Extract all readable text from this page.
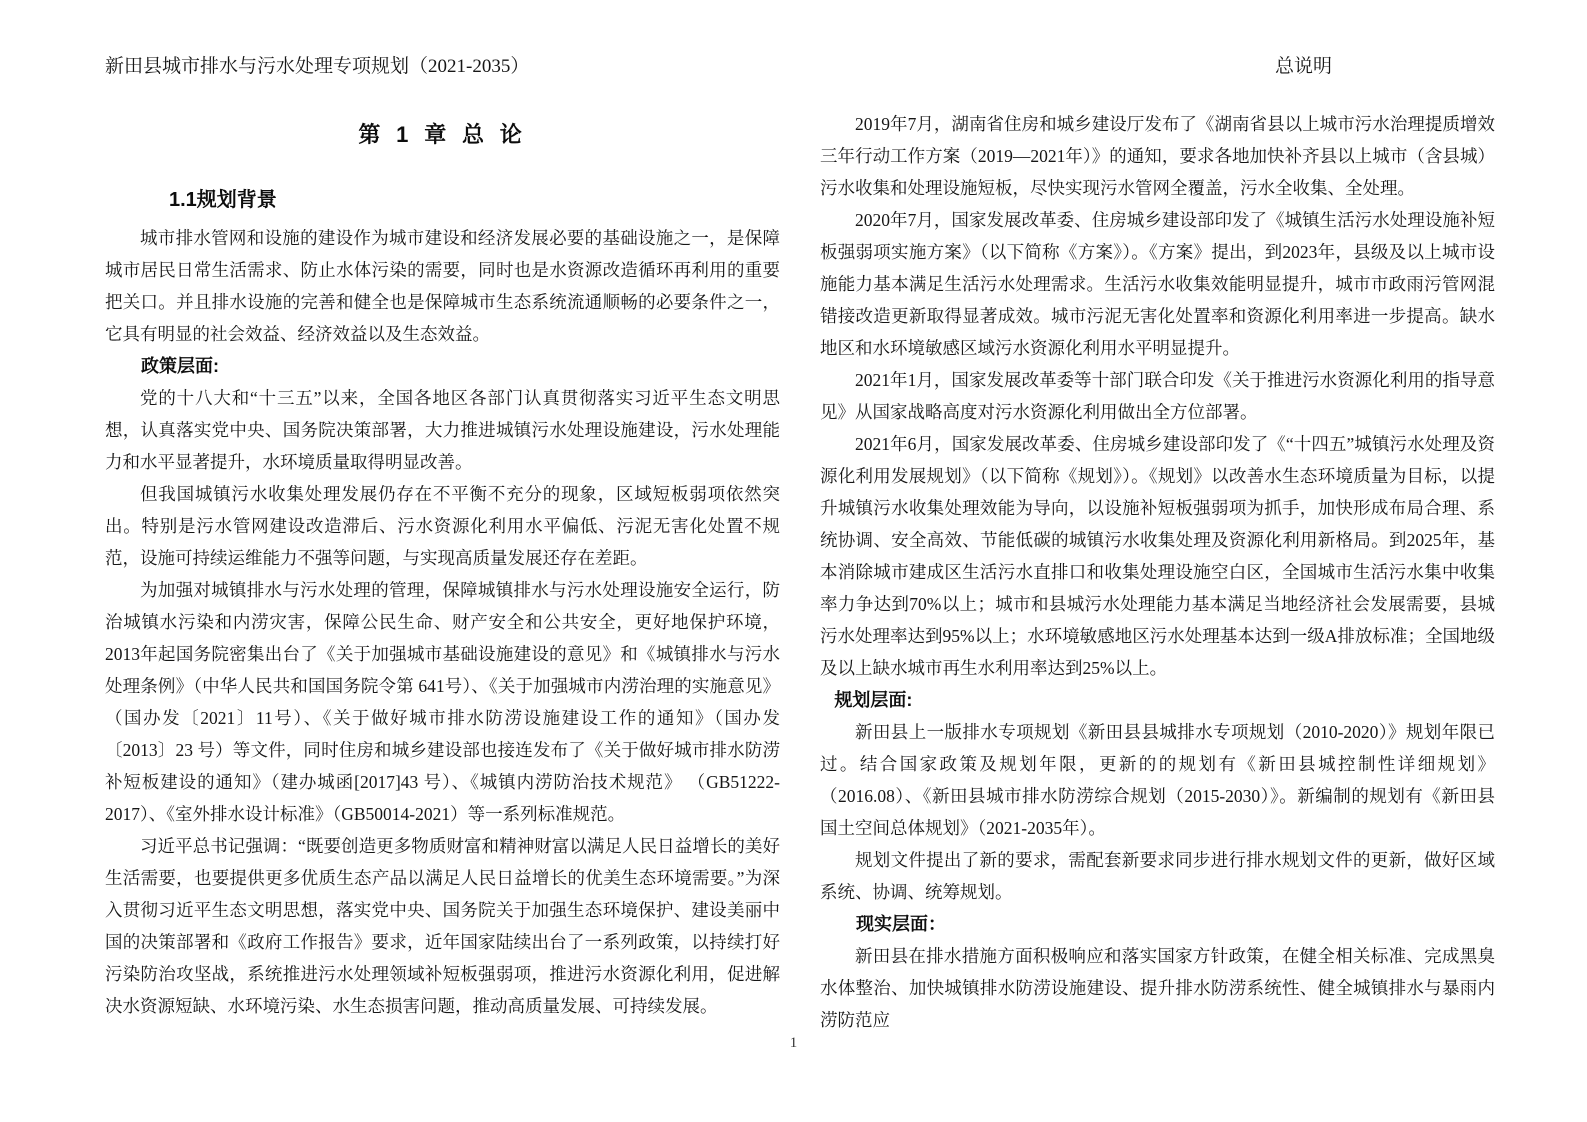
新田县城市排水与污水处理专项规划（2021-2035）	总说明
第 1 章 总 论
1.1规划背景

城市排水管网和设施的建设作为城市建设和经济发展必要的基础设施之一，是保障城市居民日常生活需求、防止水体污染的需要，同时也是水资源改造循环再利用的重要把关口。并且排水设施的完善和健全也是保障城市生态系统流通顺畅的必要条件之一，它具有明显的社会效益、经济效益以及生态效益。

政策层面:

党的十八大和“十三五”以来，全国各地区各部门认真贯彻落实习近平生态文明思想，认真落实党中央、国务院决策部署，大力推进城镇污水处理设施建设，污水处理能力和水平显著提升，水环境质量取得明显改善。

但我国城镇污水收集处理发展仍存在不平衡不充分的现象，区域短板弱项依然突出。特别是污水管网建设改造滞后、污水资源化利用水平偏低、污泥无害化处置不规范，设施可持续运维能力不强等问题，与实现高质量发展还存在差距。

为加强对城镇排水与污水处理的管理，保障城镇排水与污水处理设施安全运行，防治城镇水污染和内涝灾害，保障公民生命、财产安全和公共安全，更好地保护环境，2013年起国务院密集出台了《关于加强城市基础设施建设的意见》和《城镇排水与污水处理条例》（中华人民共和国国务院令第 641号）、《关于加强城市内涝治理的实施意见》（国办发〔2021〕11号）、《关于做好城市排水防涝设施建设工作的通知》（国办发〔2013〕23 号）等文件，同时住房和城乡建设部也接连发布了《关于做好城市排水防涝补短板建设的通知》（建办城函[2017]43 号）、《城镇内涝防治技术规范》 （GB51222-2017）、《室外排水设计标准》（GB50014-2021）等一系列标准规范。

习近平总书记强调：“既要创造更多物质财富和精神财富以满足人民日益增长的美好生活需要，也要提供更多优质生态产品以满足人民日益增长的优美生态环境需要。”为深入贯彻习近平生态文明思想，落实党中央、国务院关于加强生态环境保护、建设美丽中国的决策部署和《政府工作报告》要求，近年国家陆续出台了一系列政策，以持续打好污染防治攻坚战，系统推进污水处理领域补短板强弱项，推进污水资源化利用，促进解决水资源短缺、水环境污染、水生态损害问题，推动高质量发展、可持续发展。

2019年7月，湖南省住房和城乡建设厅发布了《湖南省县以上城市污水治理提质增效三年行动工作方案（2019—2021年）》的通知，要求各地加快补齐县以上城市（含县城）污水收集和处理设施短板，尽快实现污水管网全覆盖，污水全收集、全处理。

2020年7月，国家发展改革委、住房城乡建设部印发了《城镇生活污水处理设施补短板强弱项实施方案》（以下简称《方案》）。《方案》提出，到2023年，县级及以上城市设施能力基本满足生活污水处理需求。生活污水收集效能明显提升，城市市政雨污管网混错接改造更新取得显著成效。城市污泥无害化处置率和资源化利用率进一步提高。缺水地区和水环境敏感区域污水资源化利用水平明显提升。

2021年1月，国家发展改革委等十部门联合印发《关于推进污水资源化利用的指导意见》从国家战略高度对污水资源化利用做出全方位部署。

2021年6月，国家发展改革委、住房城乡建设部印发了《“十四五”城镇污水处理及资源化利用发展规划》（以下简称《规划》）。《规划》以改善水生态环境质量为目标，以提升城镇污水收集处理效能为导向，以设施补短板强弱项为抓手，加快形成布局合理、系统协调、安全高效、节能低碳的城镇污水收集处理及资源化利用新格局。到2025年，基本消除城市建成区生活污水直排口和收集处理设施空白区，全国城市生活污水集中收集率力争达到70%以上；城市和县城污水处理能力基本满足当地经济社会发展需要，县城污水处理率达到95%以上；水环境敏感地区污水处理基本达到一级A排放标准；全国地级及以上缺水城市再生水利用率达到25%以上。

规划层面:

新田县上一版排水专项规划《新田县县城排水专项规划（2010-2020）》规划年限已过。结合国家政策及规划年限，更新的的规划有《新田县城控制性详细规划》（2016.08）、《新田县城市排水防涝综合规划（2015-2030）》。新编制的规划有《新田县国土空间总体规划》（2021-2035年）。

规划文件提出了新的要求，需配套新要求同步进行排水规划文件的更新，做好区域系统、协调、统筹规划。

现实层面：

新田县在排水措施方面积极响应和落实国家方针政策，在健全相关标准、完成黑臭水体整治、加快城镇排水防涝设施建设、提升排水防涝系统性、健全城镇排水与暴雨内涝防范应

1
